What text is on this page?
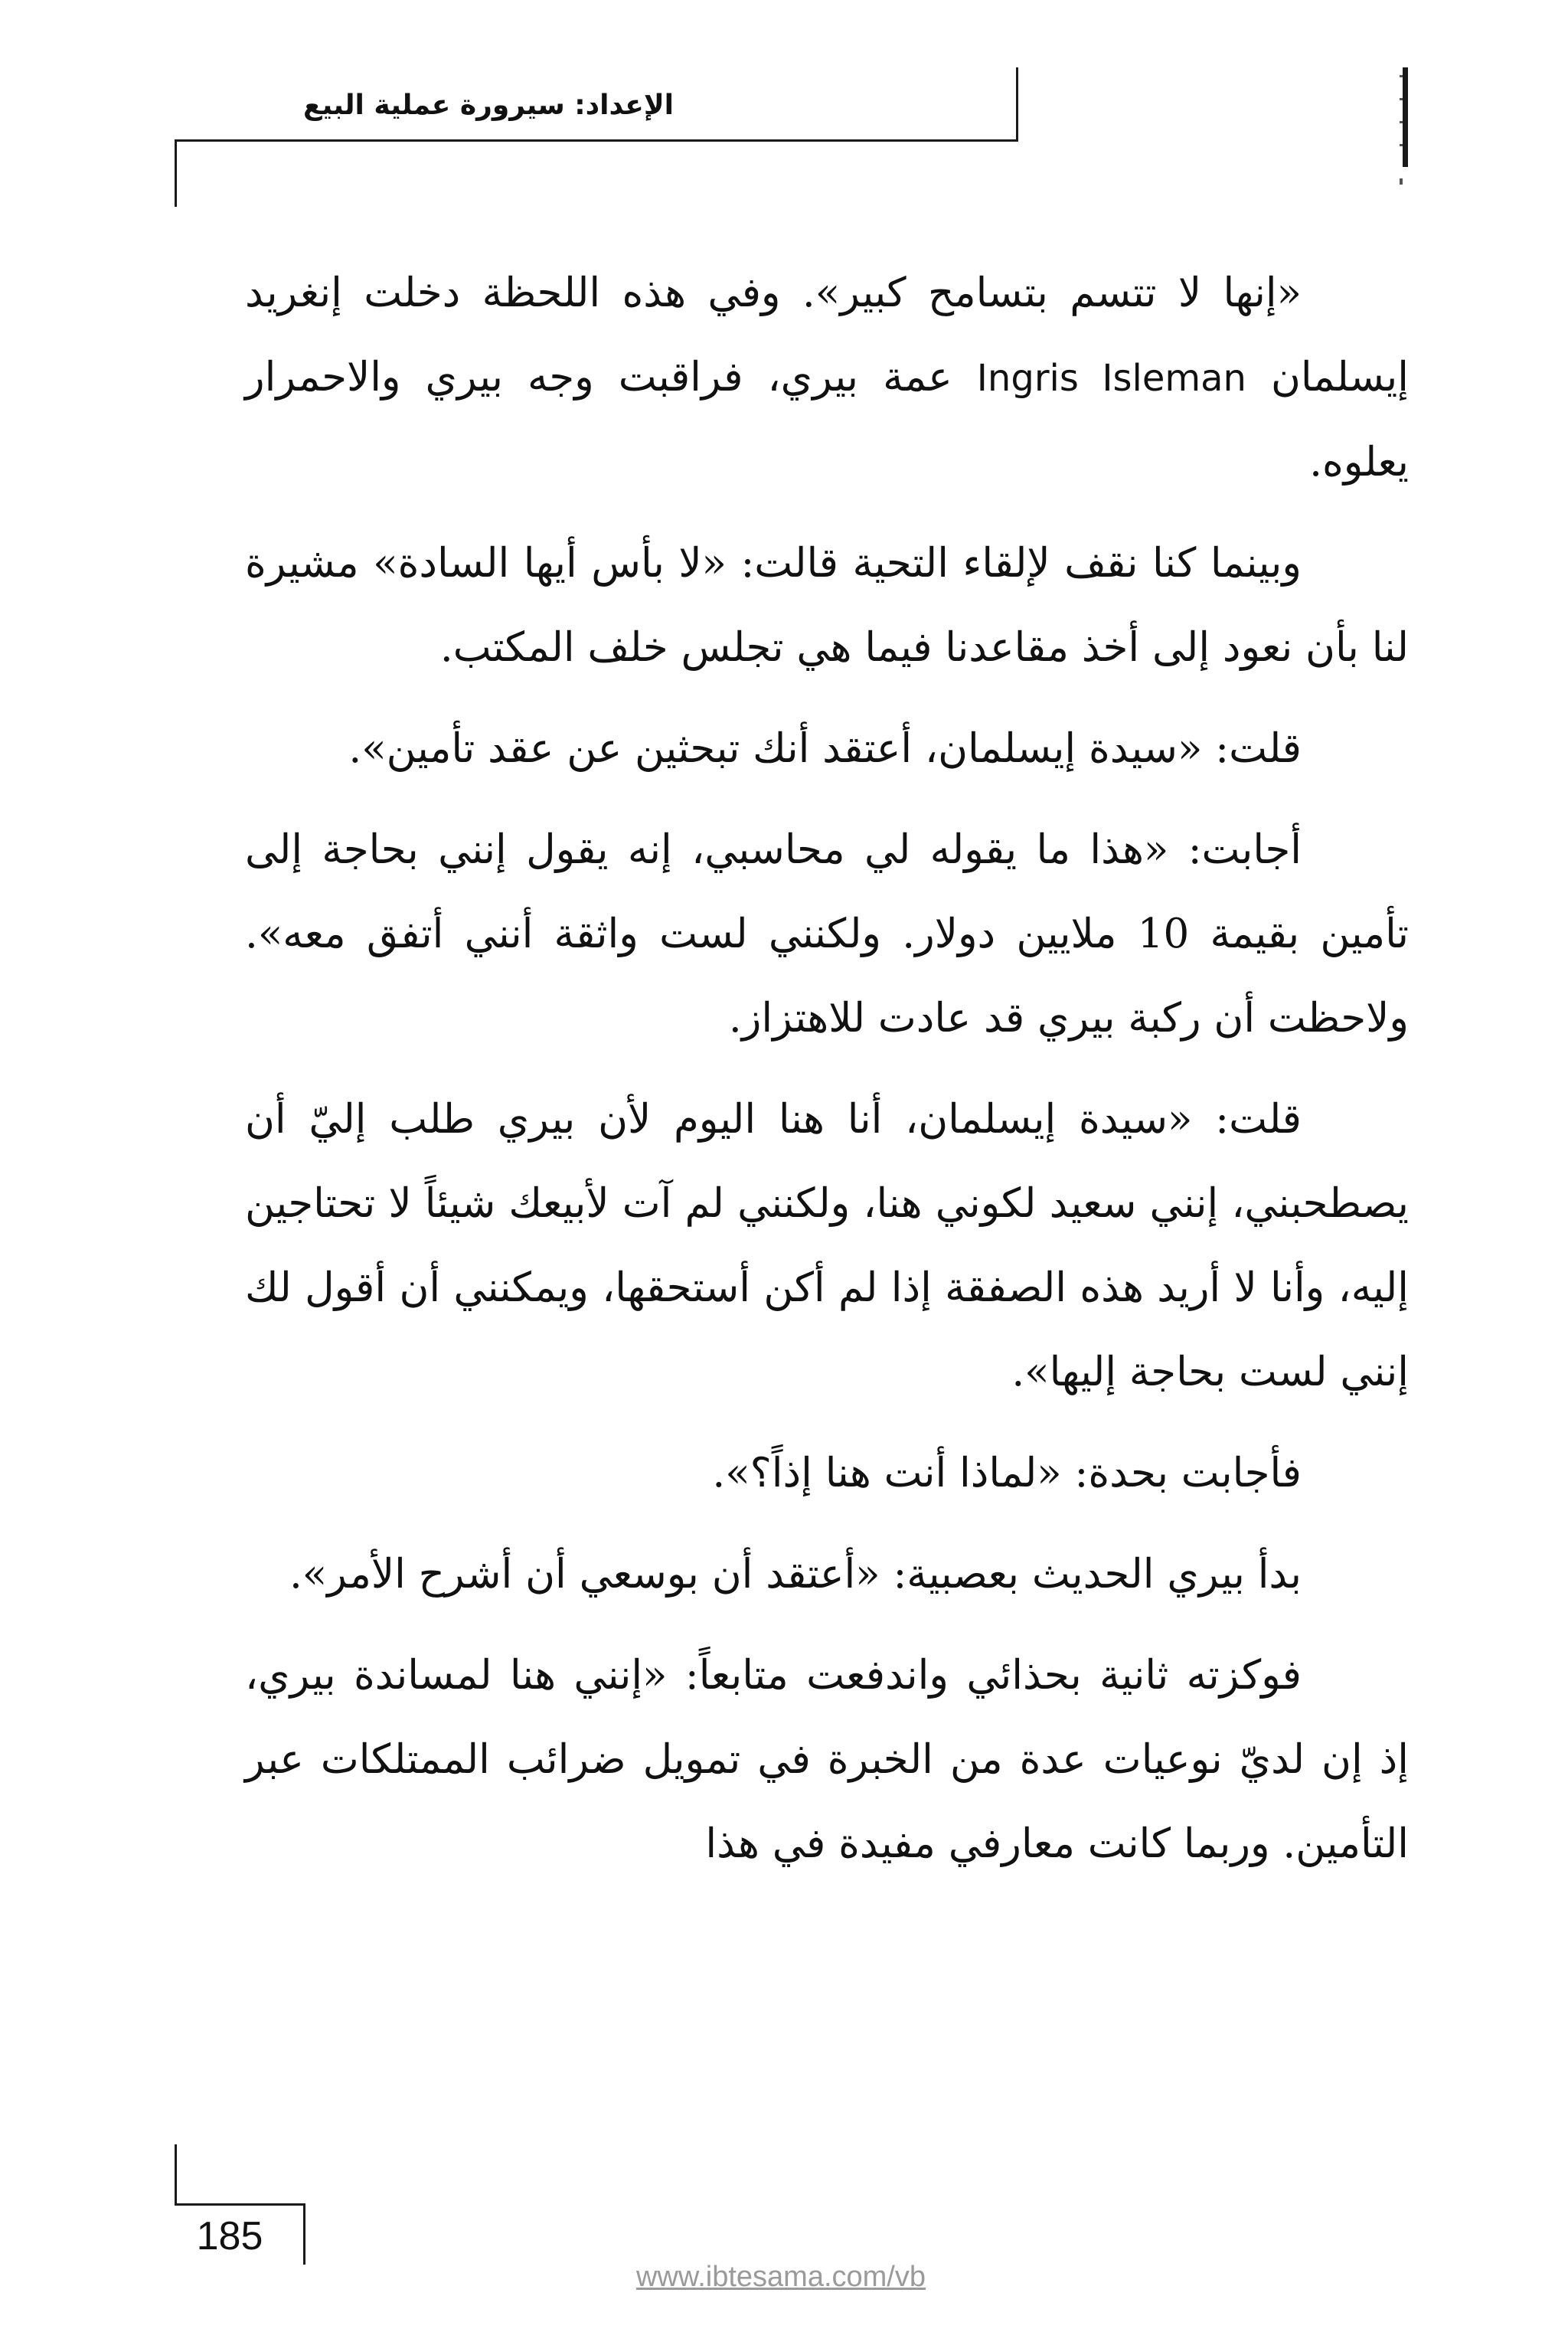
الإعداد: سيرورة عملية البيع

«إنها لا تتسم بتسامح كبير». وفي هذه اللحظة دخلت إنغريد إيسلمان Ingris Isleman عمة بيري، فراقبت وجه بيري والاحمرار يعلوه.

وبينما كنا نقف لإلقاء التحية قالت: «لا بأس أيها السادة» مشيرة لنا بأن نعود إلى أخذ مقاعدنا فيما هي تجلس خلف المكتب.

قلت: «سيدة إيسلمان، أعتقد أنك تبحثين عن عقد تأمين».

أجابت: «هذا ما يقوله لي محاسبي، إنه يقول إنني بحاجة إلى تأمين بقيمة 10 ملايين دولار. ولكنني لست واثقة أنني أتفق معه». ولاحظت أن ركبة بيري قد عادت للاهتزاز.

قلت: «سيدة إيسلمان، أنا هنا اليوم لأن بيري طلب إليّ أن يصطحبني، إنني سعيد لكوني هنا، ولكنني لم آت لأبيعك شيئاً لا تحتاجين إليه، وأنا لا أريد هذه الصفقة إذا لم أكن أستحقها، ويمكنني أن أقول لك إنني لست بحاجة إليها».

فأجابت بحدة: «لماذا أنت هنا إذاً؟».

بدأ بيري الحديث بعصبية: «أعتقد أن بوسعي أن أشرح الأمر».

فوكزته ثانية بحذائي واندفعت متابعاً: «إنني هنا لمساندة بيري، إذ إن لديّ نوعيات عدة من الخبرة في تمويل ضرائب الممتلكات عبر التأمين. وربما كانت معارفي مفيدة في هذا

185
www.ibtesama.com/vb
